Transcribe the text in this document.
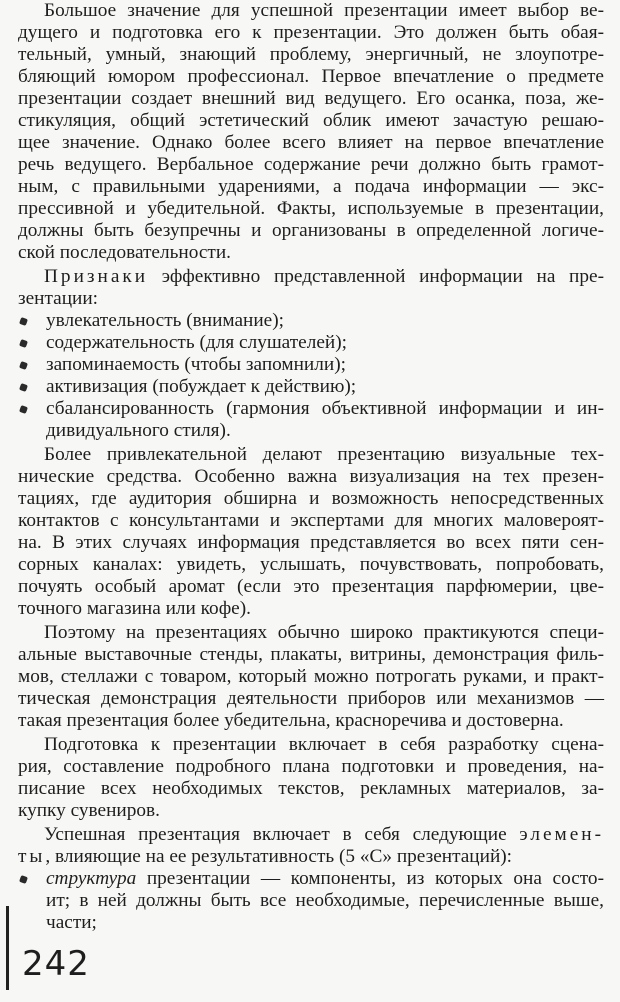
Большое значение для успешной презентации имеет выбор ве-
дущего и подготовка его к презентации. Это должен быть обая-
тельный, умный, знающий проблему, энергичный, не злоупотре-
бляющий юмором профессионал. Первое впечатление о предмете
презентации создает внешний вид ведущего. Его осанка, поза, же-
стикуляция, общий эстетический облик имеют зачастую решаю-
щее значение. Однако более всего влияет на первое впечатление
речь ведущего. Вербальное содержание речи должно быть грамот-
ным, с правильными ударениями, а подача информации — экс-
прессивной и убедительной. Факты, используемые в презентации,
должны быть безупречны и организованы в определенной логиче-
ской последовательности.
Признаки эффективно представленной информации на пре-
зентации:
увлекательность (внимание);
содержательность (для слушателей);
запоминаемость (чтобы запомнили);
активизация (побуждает к действию);
сбалансированность (гармония объективной информации и ин-
дивидуального стиля).
Более привлекательной делают презентацию визуальные тех-
нические средства. Особенно важна визуализация на тех презен-
тациях, где аудитория обширна и возможность непосредственных
контактов с консультантами и экспертами для многих маловероят-
на. В этих случаях информация представляется во всех пяти сен-
сорных каналах: увидеть, услышать, почувствовать, попробовать,
почуять особый аромат (если это презентация парфюмерии, цве-
точного магазина или кофе).
Поэтому на презентациях обычно широко практикуются специ-
альные выставочные стенды, плакаты, витрины, демонстрация филь-
мов, стеллажи с товаром, который можно потрогать руками, и практ-
тическая демонстрация деятельности приборов или механизмов —
такая презентация более убедительна, красноречива и достоверна.
Подготовка к презентации включает в себя разработку сцена-
рия, составление подробного плана подготовки и проведения, на-
писание всех необходимых текстов, рекламных материалов, за-
купку сувениров.
Успешная презентация включает в себя следующие элемен-
ты, влияющие на ее результативность (5 «С» презентаций):
структура презентации — компоненты, из которых она состо-
ит; в ней должны быть все необходимые, перечисленные выше,
части;
242
